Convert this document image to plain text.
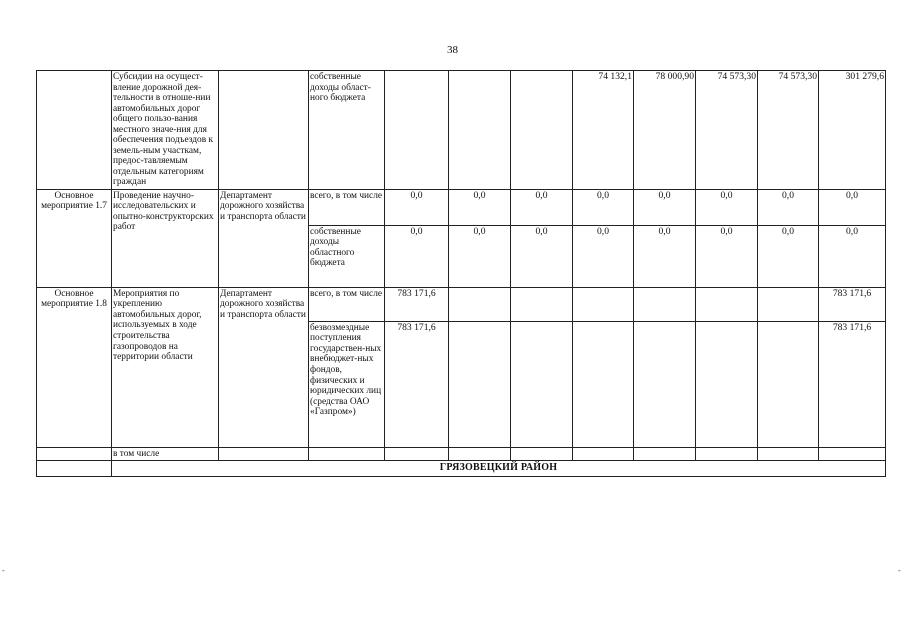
38
	Субсидии на осущест-вление дорожной дея-тельности в отноше-нии автомобильных дорог общего пользо-вания местного значе-ния для обеспечения подъездов к земель-ным участкам, предос-тавляемым отдельным категориям граждан		собственные доходы област-ного бюджета				74 132,1	78 000,90	74 573,30	74 573,30	301 279,6
Основное мероприятие 1.7	Проведение научно-исследовательских и опытно-конструкторских работ	Департамент дорожного хозяйства и транспорта области	всего, в том числе	0,0	0,0	0,0	0,0	0,0	0,0	0,0	0,0
			собственные доходы областного бюджета	0,0	0,0	0,0	0,0	0,0	0,0	0,0	0,0
Основное мероприятие 1.8	Мероприятия по укреплению автомобильных дорог, используемых в ходе строительства газопроводов на территории области	Департамент дорожного хозяйства и транспорта области	всего, в том числе	783 171,6							783 171,6
			безвозмездные поступления государствен-ных внебюджет-ных фондов, физических и юридических лиц (средства ОАО «Газпром»)	783 171,6							783 171,6
	в том числе										
	ГРЯЗОВЕЦКИЙ РАЙОН										
-	-
